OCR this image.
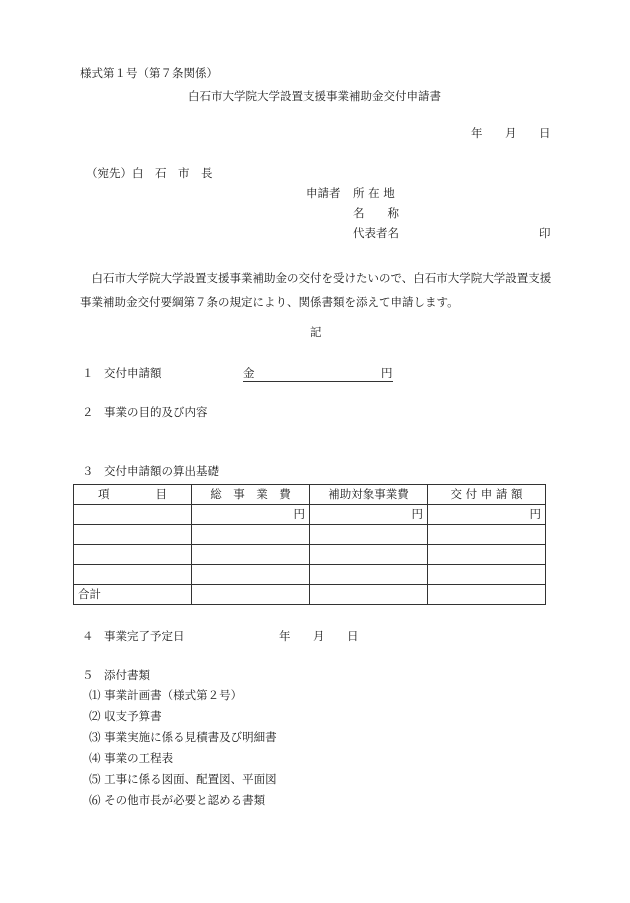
様式第１号（第７条関係）
白石市大学院大学設置支援事業補助金交付申請書
年 月 日
（宛先）白　石　市　長
申請者 所 在 地
名　　称
代表者名	印
白石市大学院大学設置支援事業補助金の交付を受けたいので、白石市大学院大学設置支援事業補助金交付要綱第７条の規定により、関係書類を添えて申請します。
記
１ 交付申請額	金	円
２ 事業の目的及び内容
３ 交付申請額の算出基礎
項　　　　目	総　事　業　費	補助対象事業費	交 付 申 請 額
	円	円	円

合計			
４ 事業完了予定日	年 月 日
５ 添付書類
⑴ 事業計画書（様式第２号）
⑵ 収支予算書
⑶ 事業実施に係る見積書及び明細書
⑷ 事業の工程表
⑸ 工事に係る図面、配置図、平面図
⑹ その他市長が必要と認める書類
